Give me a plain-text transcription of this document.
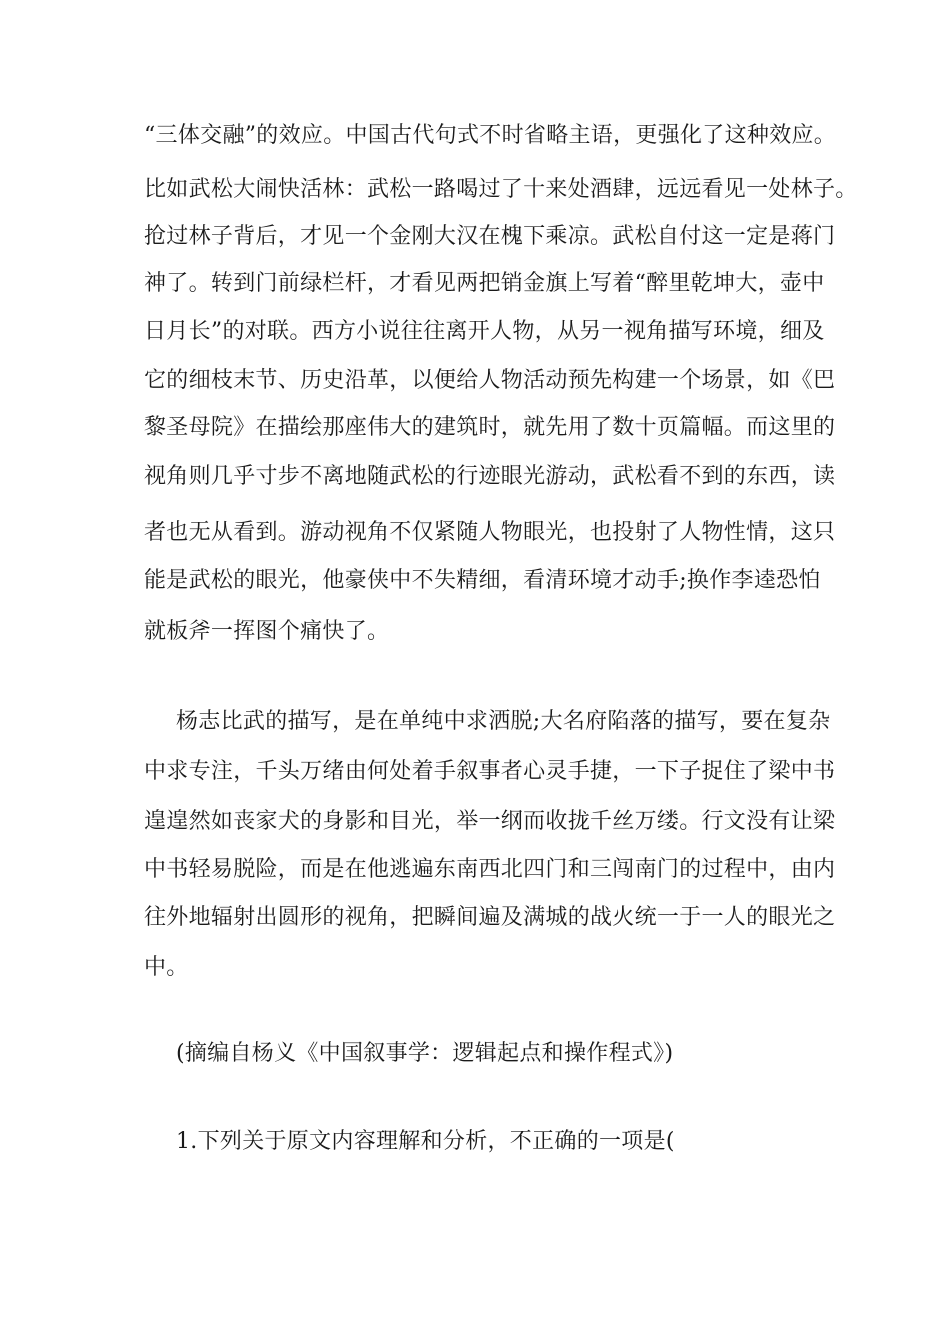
“三体交融”的效应。中国古代句式不时省略主语，更强化了这种效应。
比如武松大闹快活林：武松一路喝过了十来处酒肆，远远看见一处林子。
抢过林子背后，才见一个金刚大汉在槐下乘凉。武松自付这一定是蒋门
神了。转到门前绿栏杆，才看见两把销金旗上写着“醉里乾坤大，壶中
日月长”的对联。西方小说往往离开人物，从另一视角描写环境，细及
它的细枝末节、历史沿革，以便给人物活动预先构建一个场景，如《巴
黎圣母院》在描绘那座伟大的建筑时，就先用了数十页篇幅。而这里的
视角则几乎寸步不离地随武松的行迹眼光游动，武松看不到的东西，读
者也无从看到。游动视角不仅紧随人物眼光，也投射了人物性情，这只
能是武松的眼光，他豪侠中不失精细，看清环境才动手;换作李逵恐怕
就板斧一挥图个痛快了。
杨志比武的描写，是在单纯中求洒脱;大名府陷落的描写，要在复杂
中求专注，千头万绪由何处着手叙事者心灵手捷，一下子捉住了梁中书
遑遑然如丧家犬的身影和目光，举一纲而收拢千丝万缕。行文没有让梁
中书轻易脱险，而是在他逃遍东南西北四门和三闯南门的过程中，由内
往外地辐射出圆形的视角，把瞬间遍及满城的战火统一于一人的眼光之
中。
(摘编自杨义《中国叙事学：逻辑起点和操作程式》)
1.下列关于原文内容理解和分析，不正确的一项是(
